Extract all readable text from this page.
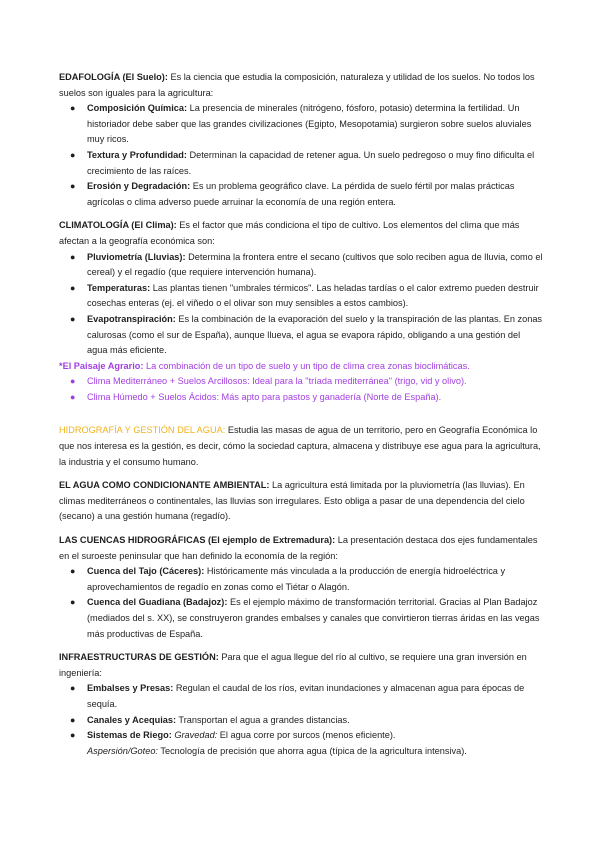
EDAFOLOGÍA (El Suelo): Es la ciencia que estudia la composición, naturaleza y utilidad de los suelos. No todos los suelos son iguales para la agricultura:

● Composición Química: La presencia de minerales (nitrógeno, fósforo, potasio) determina la fertilidad. Un historiador debe saber que las grandes civilizaciones (Egipto, Mesopotamia) surgieron sobre suelos aluviales muy ricos.
● Textura y Profundidad: Determinan la capacidad de retener agua. Un suelo pedregoso o muy fino dificulta el crecimiento de las raíces.
● Erosión y Degradación: Es un problema geográfico clave. La pérdida de suelo fértil por malas prácticas agrícolas o clima adverso puede arruinar la economía de una región entera.

CLIMATOLOGÍA (El Clima): Es el factor que más condiciona el tipo de cultivo. Los elementos del clima que más afectan a la geografía económica son:

● Pluviometría (Lluvias): Determina la frontera entre el secano (cultivos que solo reciben agua de lluvia, como el cereal) y el regadío (que requiere intervención humana).
● Temperaturas: Las plantas tienen "umbrales térmicos". Las heladas tardías o el calor extremo pueden destruir cosechas enteras (ej. el viñedo o el olivar son muy sensibles a estos cambios).
● Evapotranspiración: Es la combinación de la evaporación del suelo y la transpiración de las plantas. En zonas calurosas (como el sur de España), aunque llueva, el agua se evapora rápido, obligando a una gestión del agua más eficiente.

*El Paisaje Agrario: La combinación de un tipo de suelo y un tipo de clima crea zonas bioclimáticas.

● Clima Mediterráneo + Suelos Arcillosos: Ideal para la "tríada mediterránea" (trigo, vid y olivo).
● Clima Húmedo + Suelos Ácidos: Más apto para pastos y ganadería (Norte de España).

HIDROGRAFÍA Y GESTIÓN DEL AGUA: Estudia las masas de agua de un territorio, pero en Geografía Económica lo que nos interesa es la gestión, es decir, cómo la sociedad captura, almacena y distribuye ese agua para la agricultura, la industria y el consumo humano.

EL AGUA COMO CONDICIONANTE AMBIENTAL: La agricultura está limitada por la pluviometría (las lluvias). En climas mediterráneos o continentales, las lluvias son irregulares. Esto obliga a pasar de una dependencia del cielo (secano) a una gestión humana (regadío).

LAS CUENCAS HIDROGRÁFICAS (El ejemplo de Extremadura): La presentación destaca dos ejes fundamentales en el suroeste peninsular que han definido la economía de la región:

● Cuenca del Tajo (Cáceres): Históricamente más vinculada a la producción de energía hidroeléctrica y aprovechamientos de regadío en zonas como el Tiétar o Alagón.
● Cuenca del Guadiana (Badajoz): Es el ejemplo máximo de transformación territorial. Gracias al Plan Badajoz (mediados del s. XX), se construyeron grandes embalses y canales que convirtieron tierras áridas en las vegas más productivas de España.

INFRAESTRUCTURAS DE GESTIÓN: Para que el agua llegue del río al cultivo, se requiere una gran inversión en ingeniería:

● Embalses y Presas: Regulan el caudal de los ríos, evitan inundaciones y almacenan agua para épocas de sequía.
● Canales y Acequias: Transportan el agua a grandes distancias.
● Sistemas de Riego: Gravedad: El agua corre por surcos (menos eficiente).
Aspersión/Goteo: Tecnología de precisión que ahorra agua (típica de la agricultura intensiva).
